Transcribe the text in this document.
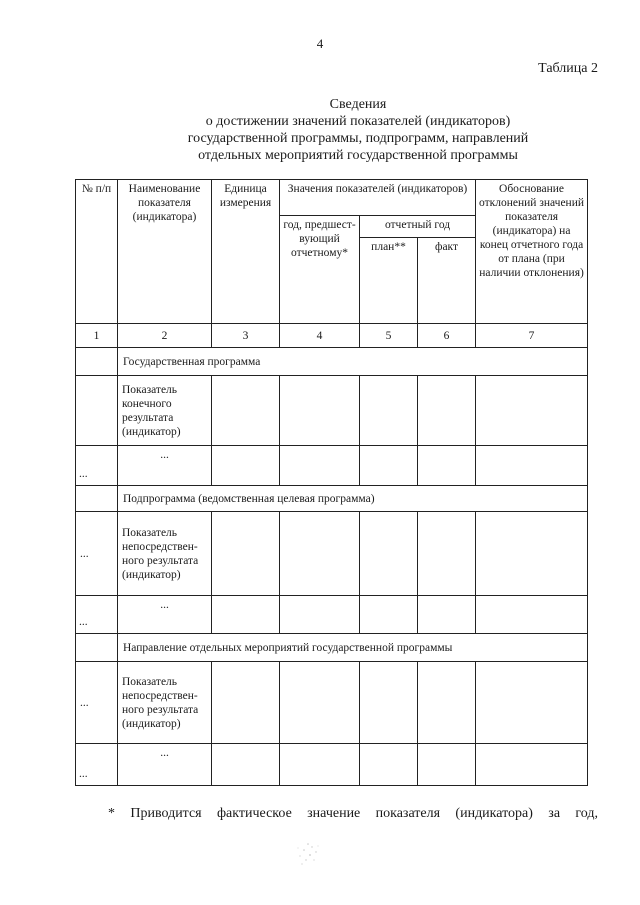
4
Таблица 2
Сведения
о достижении значений показателей (индикаторов)
государственной программы, подпрограмм, направлений
отдельных мероприятий государственной программы
№ п/п	Наименование показателя (индикатора)	Единица измерения	Значения показателей (индикаторов)			Обоснование отклонений значений показателя (индикатора) на конец отчетного года от плана (при наличии отклонения)
			год, предшест-вующий отчетному*	отчетный год		
				план**	факт	
1	2	3	4	5	6	7
	Государственная программа					
	Показатель конечного результата (индикатор)					
...	...					
	Подпрограмма (ведомственная целевая программа)					
...	Показатель непосредствен-ного результата (индикатор)					
...	...					
	Направление отдельных мероприятий государственной программы					
...	Показатель непосредствен-ного результата (индикатор)					
...	...					
* Приводится фактическое значение показателя (индикатора) за год,
